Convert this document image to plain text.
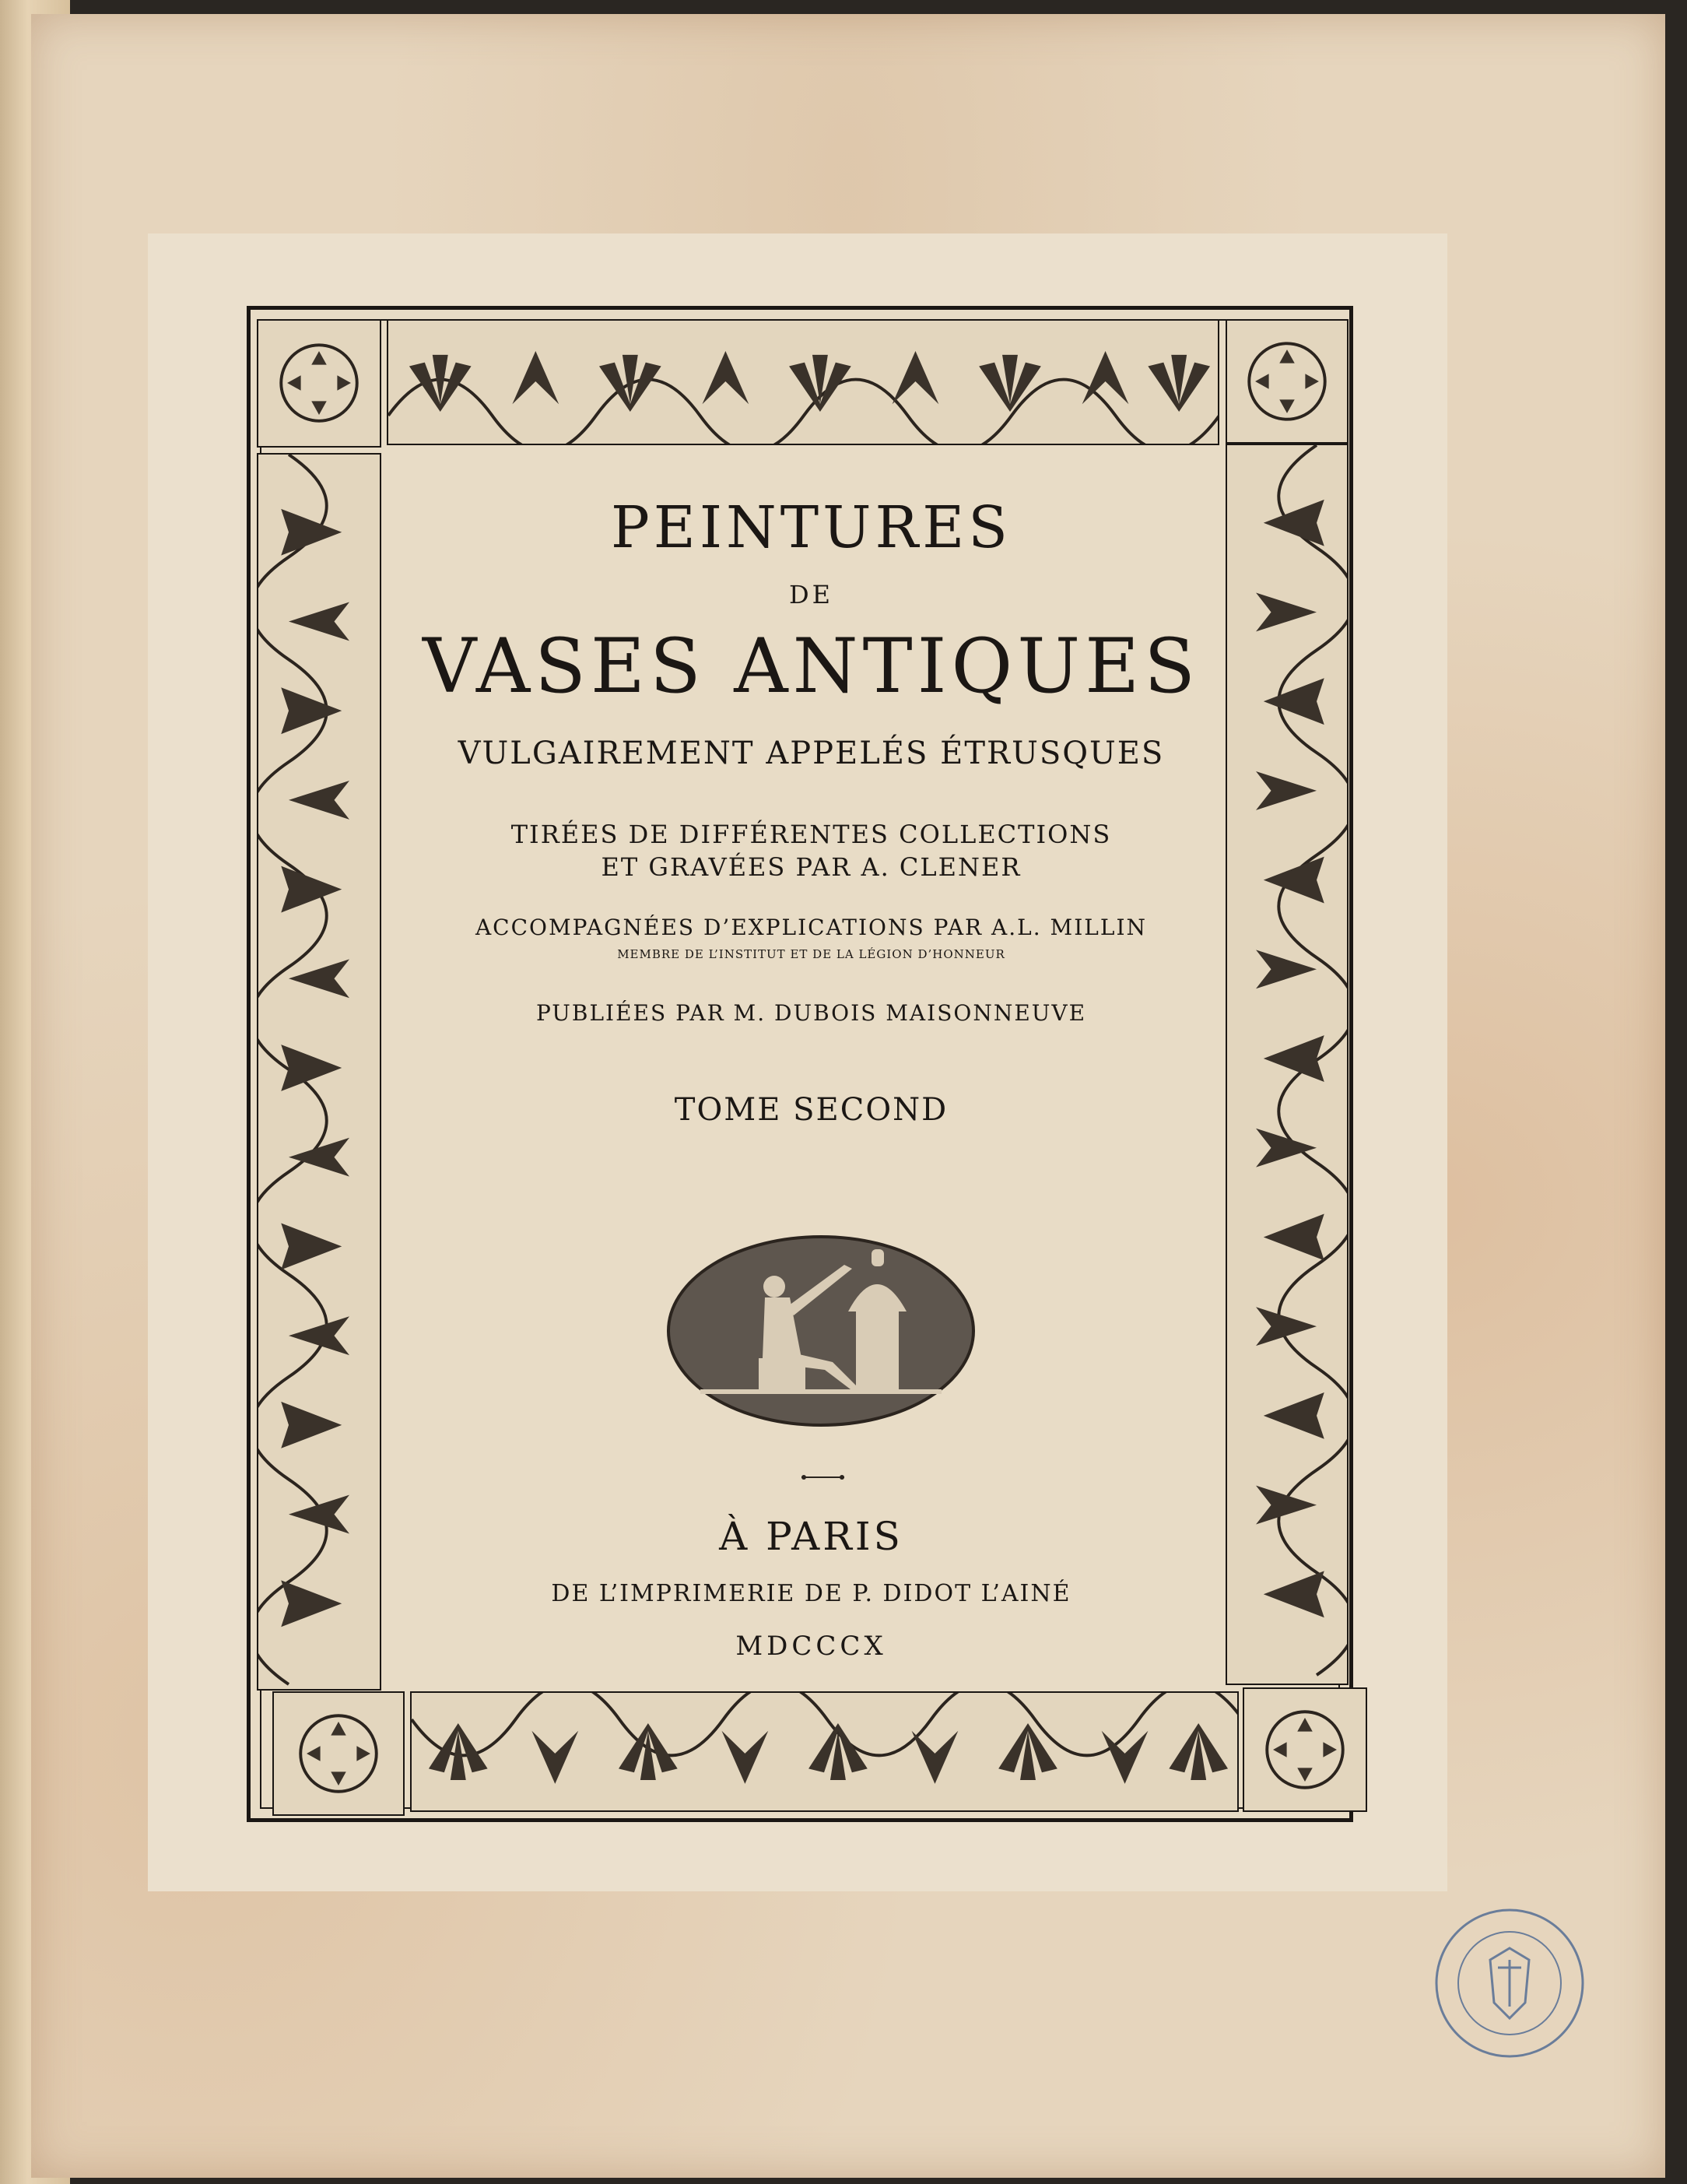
PEINTURES
DE
VASES ANTIQUES
VULGAIREMENT APPELÉS ÉTRUSQUES
TIRÉES DE DIFFÉRENTES COLLECTIONS
ET GRAVÉES PAR A. CLENER
ACCOMPAGNÉES D’EXPLICATIONS PAR A.L. MILLIN
MEMBRE DE L’INSTITUT ET DE LA LÉGION D’HONNEUR
PUBLIÉES PAR M. DUBOIS MAISONNEUVE
TOME SECOND
À PARIS
DE L’IMPRIMERIE DE P. DIDOT L’AINÉ
MDCCCX
